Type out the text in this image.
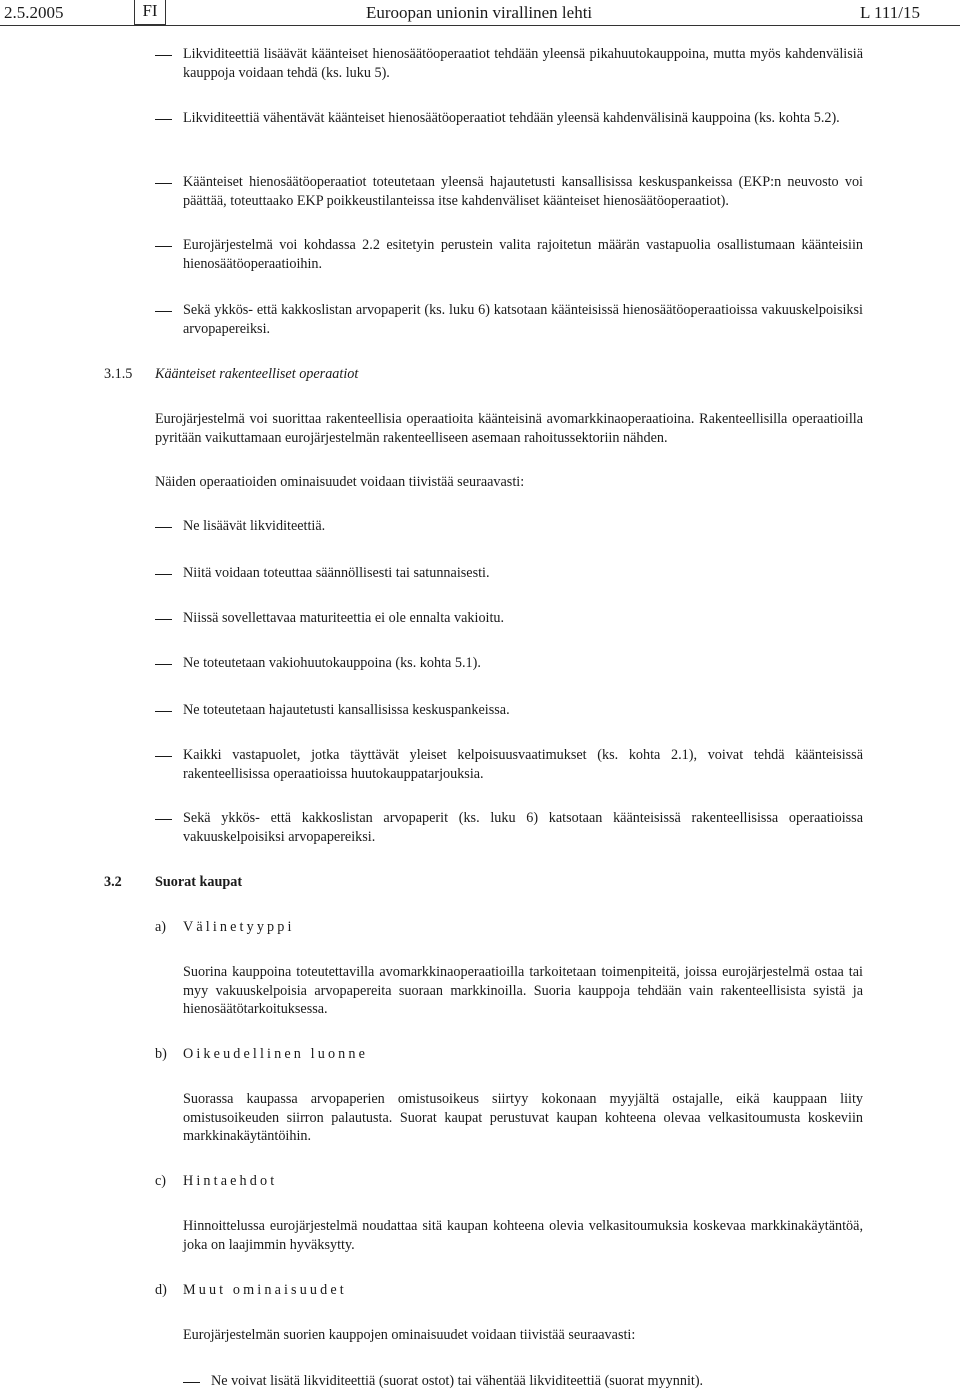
2.5.2005	FI	Euroopan unionin virallinen lehti	L 111/15
Likviditeettiä lisäävät käänteiset hienosäätöoperaatiot tehdään yleensä pikahuutokauppoina, mutta myös kahdenvälisiä kauppoja voidaan tehdä (ks. luku 5).
Likviditeettiä vähentävät käänteiset hienosäätöoperaatiot tehdään yleensä kahdenvälisinä kauppoina (ks. kohta 5.2).
Käänteiset hienosäätöoperaatiot toteutetaan yleensä hajautetusti kansallisissa keskuspankeissa (EKP:n neuvosto voi päättää, toteuttaako EKP poikkeustilanteissa itse kahdenväliset käänteiset hienosäätöoperaatiot).
Eurojärjestelmä voi kohdassa 2.2 esitetyin perustein valita rajoitetun määrän vastapuolia osallistumaan käänteisiin hienosäätöoperaatioihin.
Sekä ykkös- että kakkoslistan arvopaperit (ks. luku 6) katsotaan käänteisissä hienosäätöoperaatioissa vakuuskelpoisiksi arvopapereiksi.
3.1.5 Käänteiset rakenteelliset operaatiot
Eurojärjestelmä voi suorittaa rakenteellisia operaatioita käänteisinä avomarkkinaoperaatioina. Rakenteellisilla operaatioilla pyritään vaikuttamaan eurojärjestelmän rakenteelliseen asemaan rahoitussektoriin nähden.
Näiden operaatioiden ominaisuudet voidaan tiivistää seuraavasti:
Ne lisäävät likviditeettiä.
Niitä voidaan toteuttaa säännöllisesti tai satunnaisesti.
Niissä sovellettavaa maturiteettia ei ole ennalta vakioitu.
Ne toteutetaan vakiohuutokauppoina (ks. kohta 5.1).
Ne toteutetaan hajautetusti kansallisissa keskuspankeissa.
Kaikki vastapuolet, jotka täyttävät yleiset kelpoisuusvaatimukset (ks. kohta 2.1), voivat tehdä käänteisissä rakenteellisissa operaatioissa huutokauppatarjouksia.
Sekä ykkös- että kakkoslistan arvopaperit (ks. luku 6) katsotaan käänteisissä rakenteellisissa operaatioissa vakuuskelpoisiksi arvopapereiksi.
3.2 Suorat kaupat
a) Välinetyyppi
Suorina kauppoina toteutettavilla avomarkkinaoperaatioilla tarkoitetaan toimenpiteitä, joissa eurojärjestelmä ostaa tai myy vakuuskelpoisia arvopapereita suoraan markkinoilla. Suoria kauppoja tehdään vain rakenteellisista syistä ja hienosäätötarkoituksessa.
b) Oikeudellinen luonne
Suorassa kaupassa arvopaperien omistusoikeus siirtyy kokonaan myyjältä ostajalle, eikä kauppaan liity omistusoikeuden siirron palautusta. Suorat kaupat perustuvat kaupan kohteena olevaa velkasitoumusta koskeviin markkinakäytäntöihin.
c) Hintaehdot
Hinnoittelussa eurojärjestelmä noudattaa sitä kaupan kohteena olevia velkasitoumuksia koskevaa markkinakäytäntöä, joka on laajimmin hyväksytty.
d) Muut ominaisuudet
Eurojärjestelmän suorien kauppojen ominaisuudet voidaan tiivistää seuraavasti:
Ne voivat lisätä likviditeettiä (suorat ostot) tai vähentää likviditeettiä (suorat myynnit).
